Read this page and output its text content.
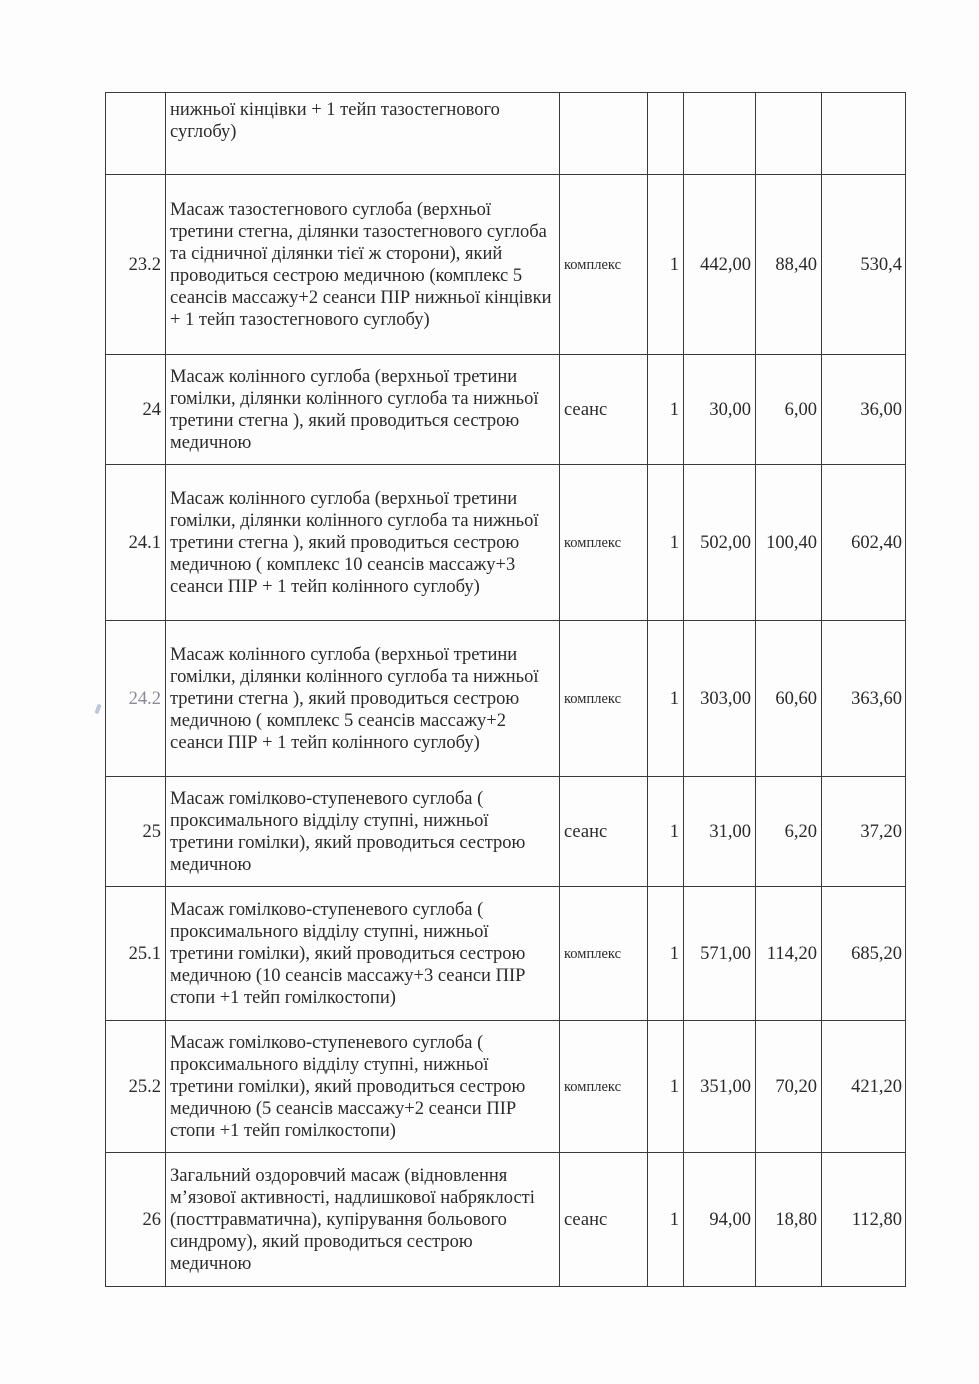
	нижньої кінцівки + 1 тейп тазостегнового суглобу)					
23.2	Масаж тазостегнового суглоба (верхньої третини стегна, ділянки тазостегнового суглоба та сідничної ділянки тієї ж сторони), який проводиться сестрою медичною (комплекс 5 сеансів массажу+2 сеанси ПІР нижньої кінцівки + 1 тейп тазостегнового суглобу)	комплекс	1	442,00	88,40	530,4
24	Масаж колінного суглоба (верхньої третини гомілки, ділянки колінного суглоба та нижньої третини стегна ), який проводиться сестрою медичною	сеанс	1	30,00	6,00	36,00
24.1	Масаж колінного суглоба (верхньої третини гомілки, ділянки колінного суглоба та нижньої третини стегна ), який проводиться сестрою медичною ( комплекс 10 сеансів массажу+3 сеанси ПІР + 1 тейп колінного суглобу)	комплекс	1	502,00	100,40	602,40
24.2	Масаж колінного суглоба (верхньої третини гомілки, ділянки колінного суглоба та нижньої третини стегна ), який проводиться сестрою медичною ( комплекс 5 сеансів массажу+2 сеанси ПІР + 1 тейп колінного суглобу)	комплекс	1	303,00	60,60	363,60
25	Масаж гомілково-ступеневого суглоба ( проксимального відділу ступні, нижньої третини гомілки), який проводиться сестрою медичною	сеанс	1	31,00	6,20	37,20
25.1	Масаж гомілково-ступеневого суглоба ( проксимального відділу ступні, нижньої третини гомілки), який проводиться сестрою медичною (10 сеансів массажу+3 сеанси ПІР стопи +1 тейп гомілкостопи)	комплекс	1	571,00	114,20	685,20
25.2	Масаж гомілково-ступеневого суглоба ( проксимального відділу ступні, нижньої третини гомілки), який проводиться сестрою медичною (5 сеансів массажу+2 сеанси ПІР стопи +1 тейп гомілкостопи)	комплекс	1	351,00	70,20	421,20
26	Загальний оздоровчий масаж (відновлення м’язової активності, надлишкової набряклості (посттравматична), купірування больового синдрому), який проводиться сестрою медичною	сеанс	1	94,00	18,80	112,80
